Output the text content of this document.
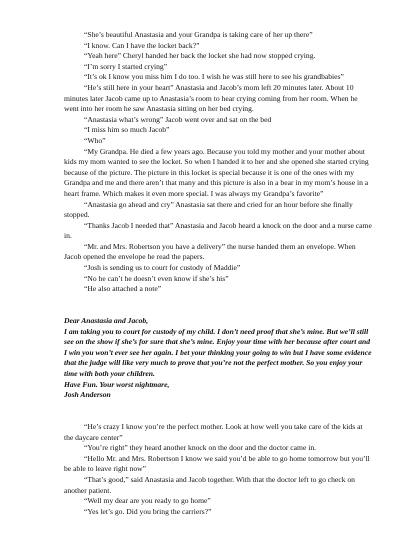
“She’s beautiful Anastasia and your Grandpa is taking care of her up there”

“I know. Can I have the locket back?”

“Yeah here” Cheryl handed her back the locket she had now stopped crying.

“I’m sorry I started crying”

“It’s ok I know you miss him I do too. I wish he was still here to see his grandbabies”

“He’s still here in your heart” Anastasia and Jacob’s mom left 20 minutes later. About 10 minutes later Jacob came up to Anastasia’s room to hear crying coming from her room. When he went into her room he saw Anastasia sitting on her bed crying.

“Anastasia what’s wrong” Jacob went over and sat on the bed

“I miss him so much Jacob”

“Who”

“My Grandpa. He died a few years ago. Because you told my mother and your mother about kids my mom wanted to see the locket. So when I handed it to her and she opened she started crying because of the picture. The picture in this locket is special because it is one of the ones with my Grandpa and me and there aren’t that many and this picture is also in a bear in my mom’s house in a heart frame. Which makes it even more special. I was always my Grandpa’s favorite”

“Anastasia go ahead and cry” Anastasia sat there and cried for an hour before she finally stopped.

“Thanks Jacob I needed that” Anastasia and Jacob heard a knock on the door and a nurse came in.

“Mr. and Mrs. Robertson you have a delivery” the nurse handed them an envelope. When Jacob opened the envelope he read the papers.

“Josh is sending us to court for custody of Maddie”

“No he can’t he doesn’t even know if she’s his”

“He also attached a note”

Dear Anastasia and Jacob,

I am taking you to court for custody of my child. I don’t need proof that she’s mine. But we’ll still see on the show if she’s for sure that she’s mine. Enjoy your time with her because after court and I win you won’t ever see her again. I bet your thinking your going to win but I have some evidence that the judge will like very much to prove that you’re not the perfect mother. So you enjoy your time with both your children.

Have Fun. Your worst nightmare,

Josh Anderson

“He’s crazy I know you’re the perfect mother. Look at how well you take care of the kids at the daycare center”

“You’re right” they heard another knock on the door and the doctor came in.

“Hello Mr. and Mrs. Robertson I know we said you’d be able to go home tomorrow but you’ll be able to leave right now”

“That’s good,” said Anastasia and Jacob together. With that the doctor left to go check on another patient.

“Well my dear are you ready to go home”

“Yes let’s go. Did you bring the carriers?”
